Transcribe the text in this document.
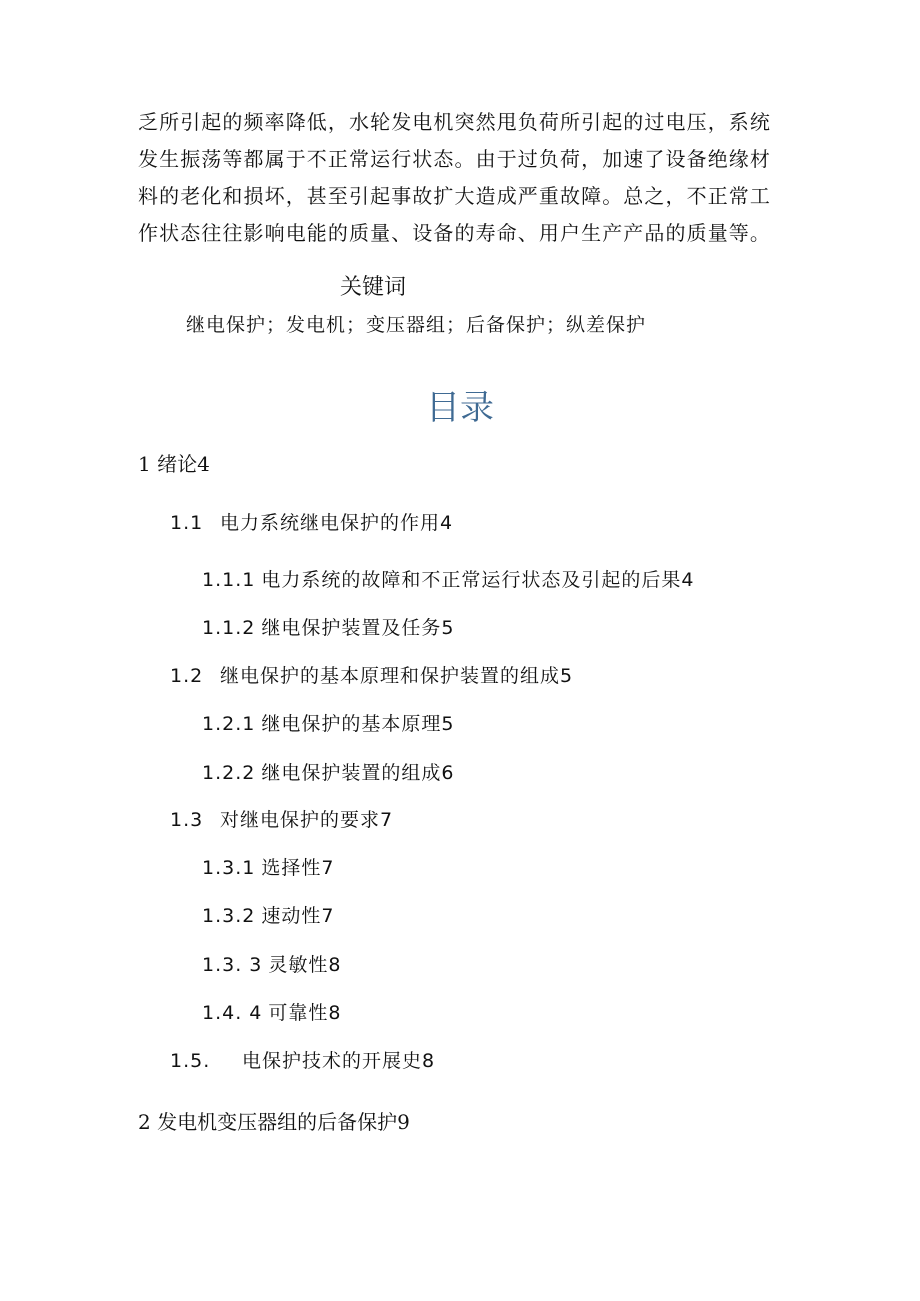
乏所引起的频率降低，水轮发电机突然甩负荷所引起的过电压，系统
发生振荡等都属于不正常运行状态。由于过负荷，加速了设备绝缘材
料的老化和损坏，甚至引起事故扩大造成严重故障。总之，不正常工
作状态往往影响电能的质量、设备的寿命、用户生产产品的质量等。

关键词

继电保护；发电机；变压器组；后备保护；纵差保护

目录
1 绪论4
1.1 电力系统继电保护的作用4
1.1.1 电力系统的故障和不正常运行状态及引起的后果4
1.1.2 继电保护装置及任务5
1.2 继电保护的基本原理和保护装置的组成5
1.2.1 继电保护的基本原理5
1.2.2 继电保护装置的组成6
1.3 对继电保护的要求7
1.3.1 选择性7
1.3.2 速动性7
1.3. 3 灵敏性8
1.4. 4 可靠性8
1.5. 电保护技术的开展史8
2 发电机变压器组的后备保护9
